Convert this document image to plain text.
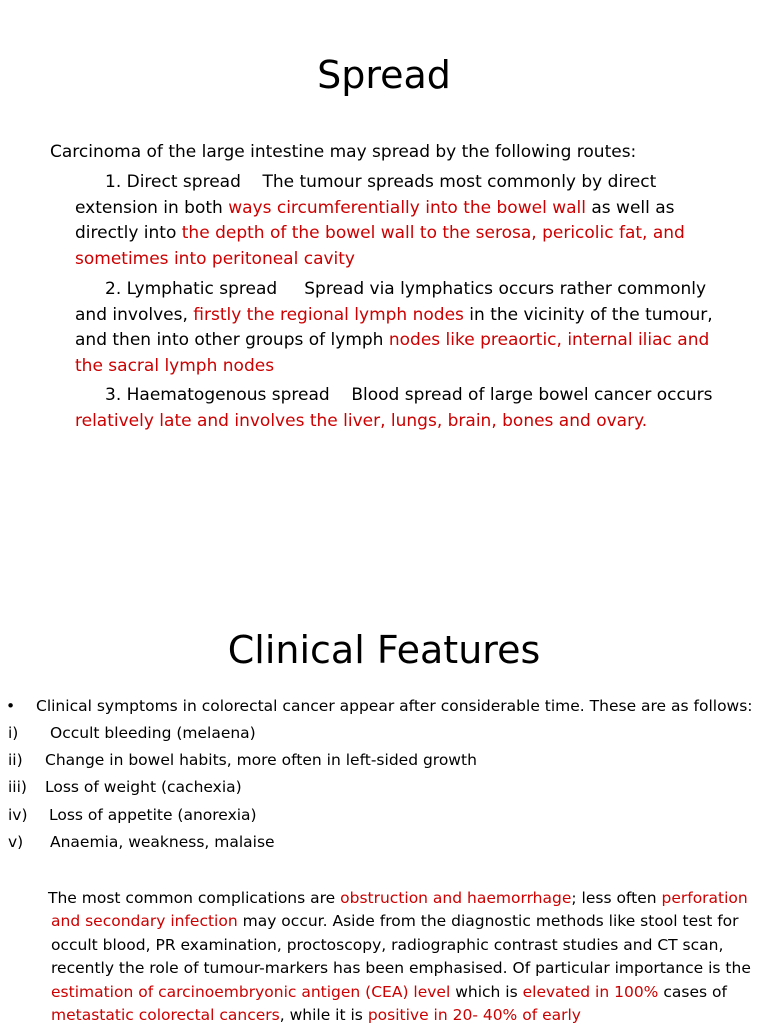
Spread

Carcinoma of the large intestine may spread by the following routes:

1. Direct spread The tumour spreads most commonly by direct extension in both ways circumferentially into the bowel wall as well as directly into the depth of the bowel wall to the serosa, pericolic fat, and sometimes into peritoneal cavity

2. Lymphatic spread Spread via lymphatics occurs rather commonly and involves, firstly the regional lymph nodes in the vicinity of the tumour, and then into other groups of lymph nodes like preaortic, internal iliac and the sacral lymph nodes

3. Haematogenous spread Blood spread of large bowel cancer occurs relatively late and involves the liver, lungs, brain, bones and ovary.

Clinical Features
• Clinical symptoms in colorectal cancer appear after considerable time. These are as follows:
i) Occult bleeding (melaena)
ii) Change in bowel habits, more often in left-sided growth
iii) Loss of weight (cachexia)
iv) Loss of appetite (anorexia)
v) Anaemia, weakness, malaise

The most common complications are obstruction and haemorrhage; less often perforation and secondary infection may occur. Aside from the diagnostic methods like stool test for occult blood, PR examination, proctoscopy, radiographic contrast studies and CT scan, recently the role of tumour-markers has been emphasised. Of particular importance is the estimation of carcinoembryonic antigen (CEA) level which is elevated in 100% cases of metastatic colorectal cancers, while it is positive in 20- 40% of early
